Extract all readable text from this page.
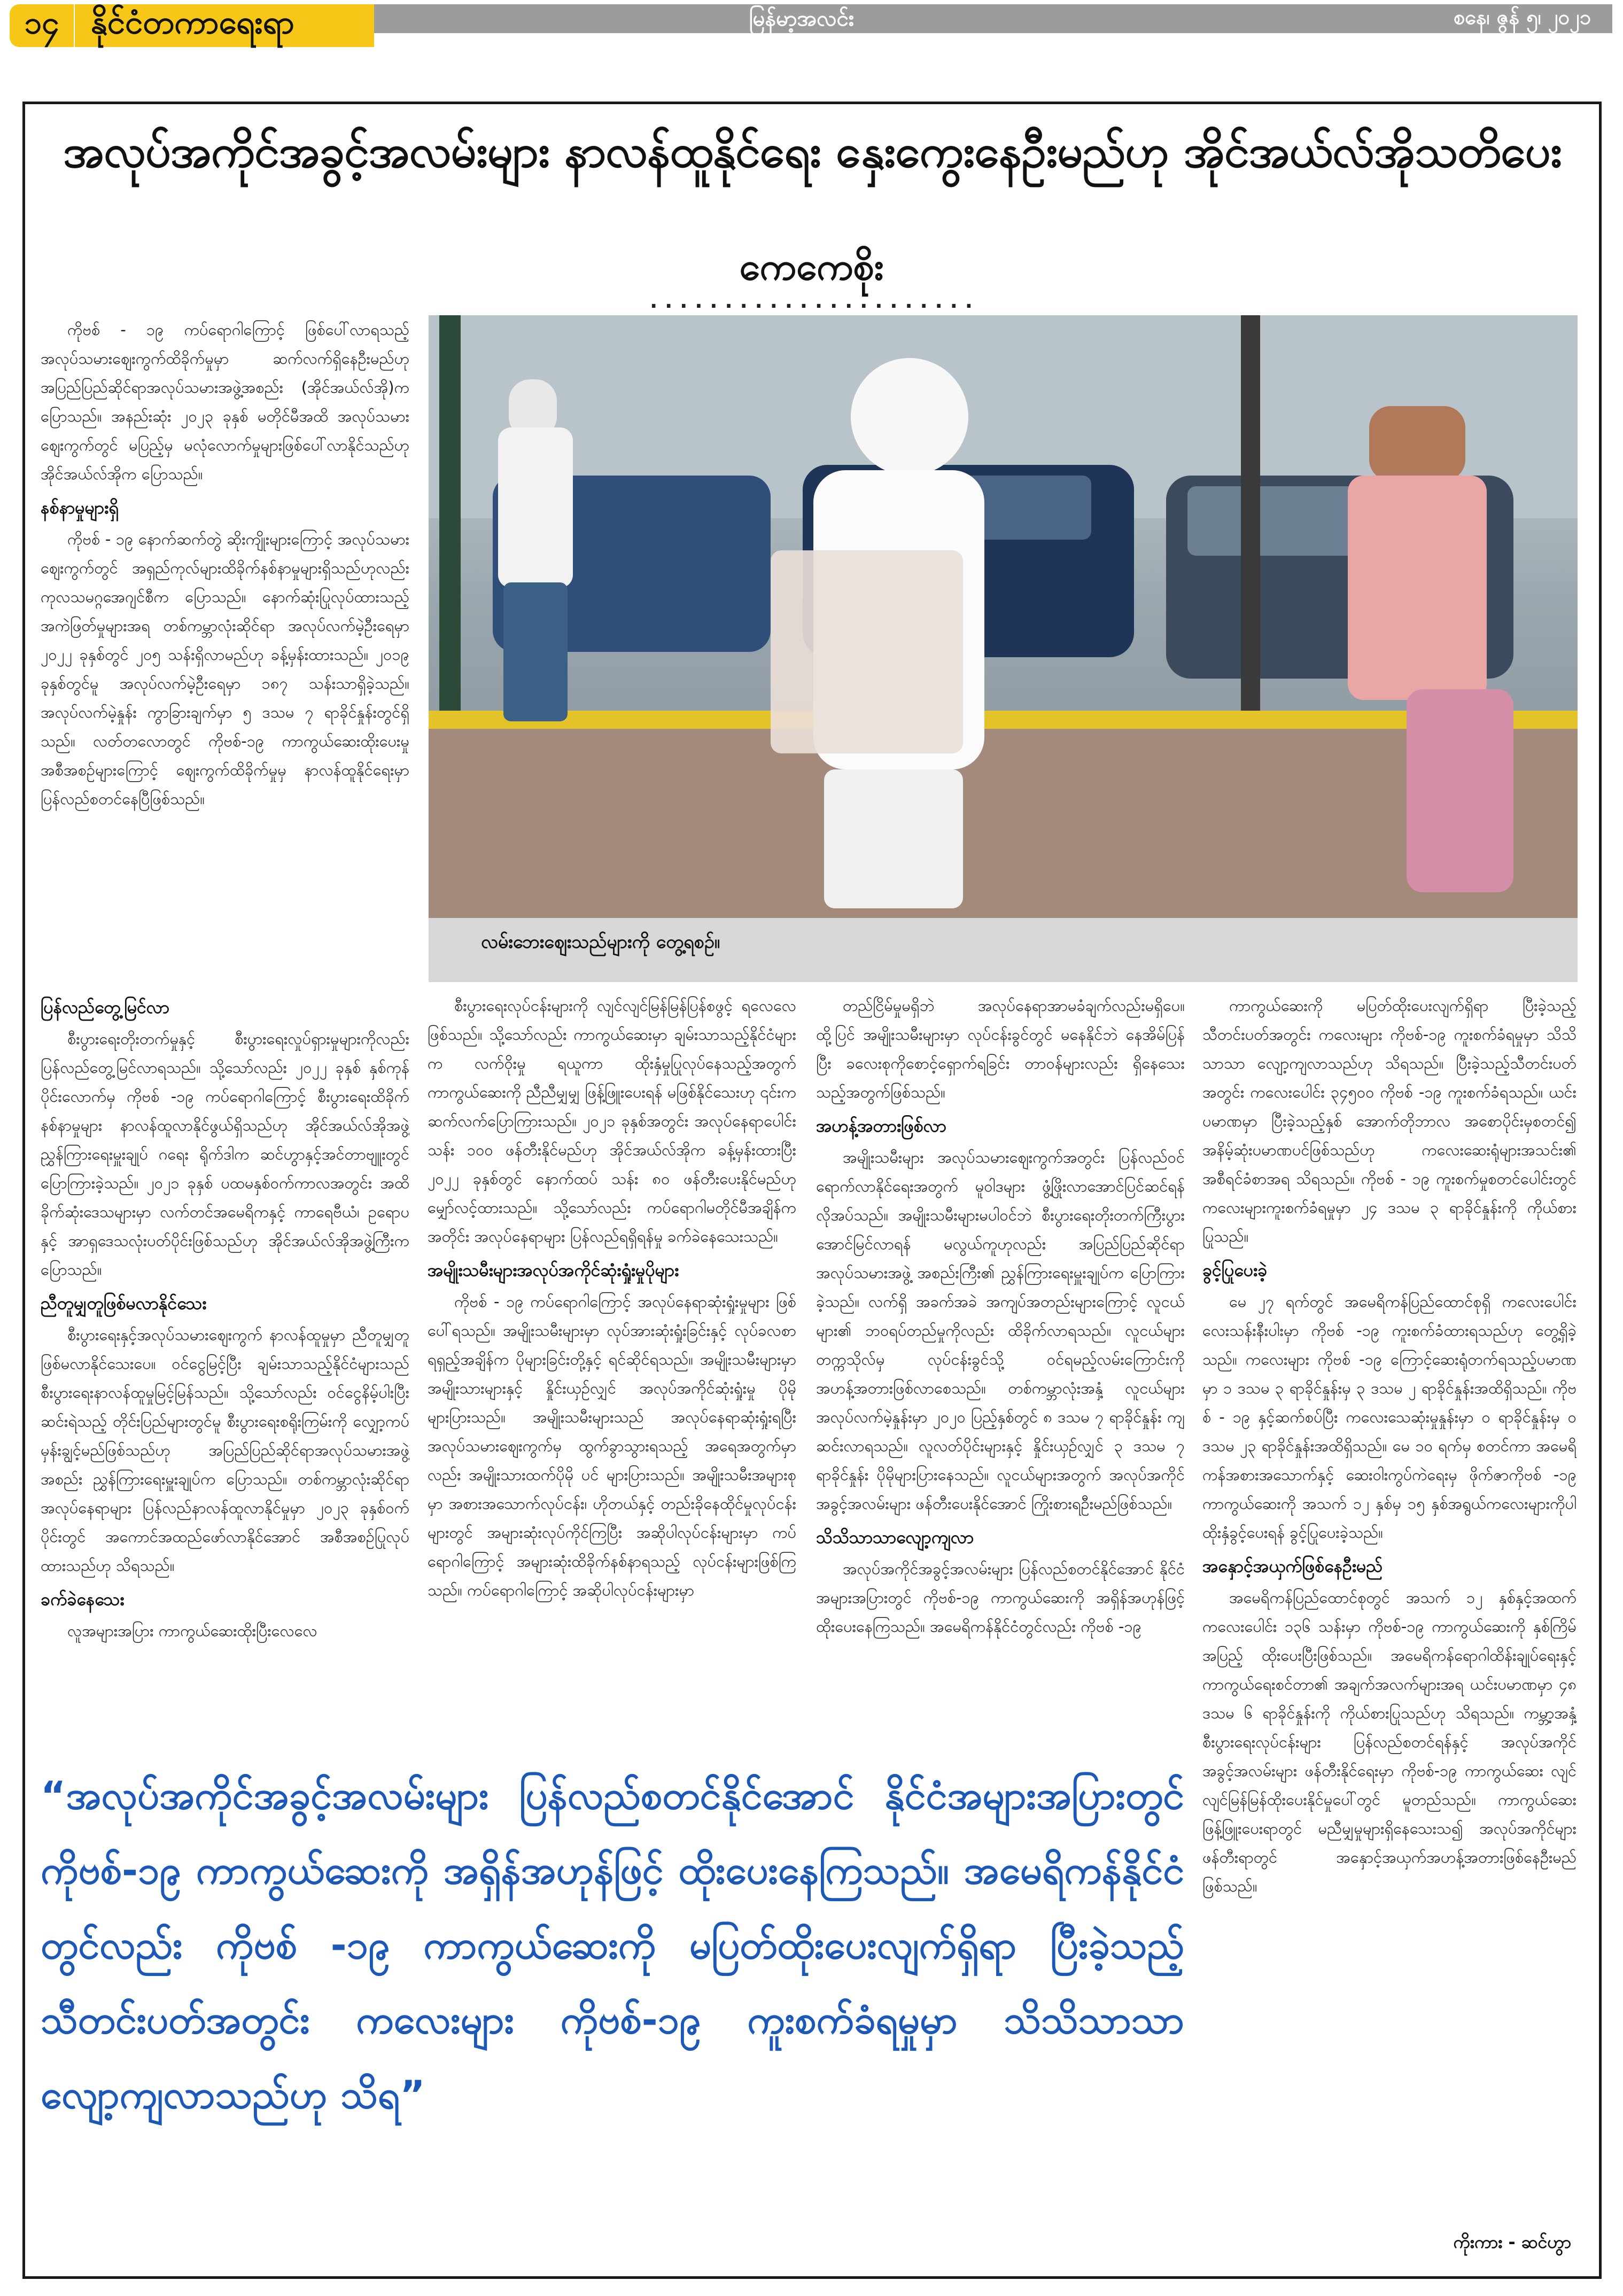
၁၄ နိုင်ငံတကာရေးရာ	မြန်မာ့အလင်း	စနေ၊ ဇွန် ၅၊ ၂၀၂၁
အလုပ်အကိုင်အခွင့်အလမ်းများ နာလန်ထူနိုင်ရေး နှေးကွေးနေဦးမည်ဟု အိုင်အယ်လ်အိုသတိပေး
ကေကေစိုး
......................

ကိုဗစ် - ၁၉ ကပ်ရောဂါကြောင့် ဖြစ်ပေါ်လာရသည့် အလုပ်သမားဈေးကွက်ထိခိုက်မှုမှာ ဆက်လက်ရှိနေဦးမည်ဟု အပြည်ပြည်ဆိုင်ရာအလုပ်သမားအဖွဲ့အစည်း (အိုင်အယ်လ်အို)က ပြောသည်။ အနည်းဆုံး ၂၀၂၃ ခုနှစ် မတိုင်မီအထိ အလုပ်သမား ဈေးကွက်တွင် မပြည့်မှ မလုံလောက်မှုများဖြစ်ပေါ်လာနိုင်သည်ဟု အိုင်အယ်လ်အိုက ပြောသည်။

နစ်နာမှုများရှိ

ကိုဗစ် - ၁၉ နောက်ဆက်တွဲ ဆိုးကျိုးများကြောင့် အလုပ်သမားဈေးကွက်တွင် အရှည်ကုလ်များထိခိုက်နစ်နာမှုများရှိသည်ဟုလည်း ကုလသမဂ္ဂအေဂျင်စီက ပြောသည်။ နောက်ဆုံးပြုလုပ်ထားသည့် အကဲဖြတ်မှုများအရ တစ်ကမ္ဘာလုံးဆိုင်ရာ အလုပ်လက်မဲ့ဦးရေမှာ ၂၀၂၂ ခုနှစ်တွင် ၂၀၅ သန်းရှိလာမည်ဟု ခန့်မှန်းထားသည်။ ၂၀၁၉ ခုနှစ်တွင်မူ အလုပ်လက်မဲ့ဦးရေမှာ ၁၈၇ သန်းသာရှိခဲ့သည်။ အလုပ်လက်မဲ့နှုန်း ကွာခြားချက်မှာ ၅ ဒသမ ၇ ရာခိုင်နှုန်းတွင်ရှိသည်။ လတ်တလောတွင် ကိုဗစ်-၁၉ ကာကွယ်ဆေးထိုးပေးမှု အစီအစဉ်များကြောင့် ဈေးကွက်ထိခိုက်မှုမှ နာလန်ထူနိုင်ရေးမှာ ပြန်လည်စတင်နေပြီဖြစ်သည်။

ပြန်လည်တွေ့မြင်လာ

စီးပွားရေးတိုးတက်မှုနှင့် စီးပွားရေးလှုပ်ရှားမှုများကိုလည်း ပြန်လည်တွေ့မြင်လာရသည်။ သို့သော်လည်း ၂၀၂၂ ခုနှစ် နှစ်ကုန်ပိုင်းလောက်မှ ကိုဗစ် -၁၉ ကပ်ရောဂါကြောင့် စီးပွားရေးထိခိုက်နစ်နာမှုများ နာလန်ထူလာနိုင်ဖွယ်ရှိသည်ဟု အိုင်အယ်လ်အိုအဖွဲ့ ညွှန်ကြားရေးမှူးချုပ် ဂရေး ရိုက်ဒါက ဆင်ဟွာနှင့်အင်တာဗျူးတွင် ပြောကြားခဲ့သည်။ ၂၀၂၁ ခုနှစ် ပထမနှစ်ဝက်ကာလအတွင်း အထိခိုက်ဆုံးဒေသများမှာ လက်တင်အမေရိကနှင့် ကာရေဗီယံ၊ ဥရောပနှင့် အာရှဒေသလုံးပတ်ပိုင်းဖြစ်သည်ဟု အိုင်အယ်လ်အိုအဖွဲ့ကြီးက ပြောသည်။

ညီတူမျှတူဖြစ်မလာနိုင်သေး

စီးပွားရေးနှင့်အလုပ်သမားဈေးကွက် နာလန်ထူမှုမှာ ညီတူမျှတူ ဖြစ်မလာနိုင်သေးပေ။ ဝင်ငွေမြင့်ပြီး ချမ်းသာသည့်နိုင်ငံများသည် စီးပွားရေးနာလန်ထူမှုမြင့်မြန်သည်။ သို့သော်လည်း ဝင်ငွေနိမ့်ပါးပြီး ဆင်းရဲသည့် တိုင်းပြည်များတွင်မူ စီးပွားရေးစရိုးကြမ်းကို လျှော့ကပ်မှန်းချွင့်မည်ဖြစ်သည်ဟု အပြည်ပြည်ဆိုင်ရာအလုပ်သမားအဖွဲ့အစည်း ညွှန်ကြားရေးမှူးချုပ်က ပြောသည်။ တစ်ကမ္ဘာလုံးဆိုင်ရာ အလုပ်နေရာများ ပြန်လည်နာလန်ထူလာနိုင်မှုမှာ ၂၀၂၃ ခုနှစ်ဝက်ပိုင်းတွင် အကောင်အထည်ဖော်လာနိုင်အောင် အစီအစဉ်ပြုလုပ်ထားသည်ဟု သိရသည်။

ခက်ခဲနေသေး

လူအများအပြား ကာကွယ်ဆေးထိုးပြီးလေလေ

စီးပွားရေးလုပ်ငန်းများကို လျင်လျင်မြန်မြန်ပြန်စဖွင့် ရလေလေဖြစ်သည်။ သို့သော်လည်း ကာကွယ်ဆေးမှာ ချမ်းသာသည့်နိုင်ငံများက လက်ဝိုးမှု ရယူကာ ထိုးနှံမှုပြုလုပ်နေသည့်အတွက် ကာကွယ်ဆေးကို ညီညီမျှမျှ ဖြန့်ဖြူးပေးရန် မဖြစ်နိုင်သေးဟု ၎င်းကဆက်လက်ပြောကြားသည်။ ၂၀၂၁ ခုနှစ်အတွင်း အလုပ်နေရာပေါင်း သန်း ၁၀၀ ဖန်တီးနိုင်မည်ဟု အိုင်အယ်လ်အိုက ခန့်မှန်းထားပြီး ၂၀၂၂ ခုနှစ်တွင် နောက်ထပ် သန်း ၈၀ ဖန်တီးပေးနိုင်မည်ဟု မျှော်လင့်ထားသည်။ သို့သော်လည်း ကပ်ရောဂါမတိုင်မီအချိန်က အတိုင်း အလုပ်နေရာများ ပြန်လည်ရရှိရန်မှု ခက်ခဲနေသေးသည်။

အမျိုးသမီးများအလုပ်အကိုင်ဆုံးရှုံးမှုပိုများ

ကိုဗစ် - ၁၉ ကပ်ရောဂါကြောင့် အလုပ်နေရာဆုံးရှုံးမှုများ ဖြစ်ပေါ်ရသည်။ အမျိုးသမီးများမှာ လုပ်အားဆုံးရှုံးခြင်းနှင့် လုပ်ခလစာရရှည့်အချိန်က ပိုများခြင်းတို့နှင့် ရင်ဆိုင်ရသည်။ အမျိုးသမီးများမှာ အမျိုးသားများနှင့် နှိုင်းယှဉ်လျှင် အလုပ်အကိုင်ဆုံးရှုံးမှု ပိုမိုများပြားသည်။ အမျိုးသမီးများသည် အလုပ်နေရာဆုံးရှုံးရပြီး အလုပ်သမားဈေးကွက်မှ ထွက်ခွာသွားရသည့် အရေအတွက်မှာလည်း အမျိုးသားထက်ပိုမို ပင် များပြားသည်။ အမျိုးသမီးအများစုမှာ အစားအသောက်လုပ်ငန်း၊ ဟိုတယ်နှင့် တည်းခိုနေထိုင်မှုလုပ်ငန်းများတွင် အများဆုံးလုပ်ကိုင်ကြပြီး အဆိုပါလုပ်ငန်းများမှာ ကပ်ရောဂါကြောင့် အများဆုံးထိခိုက်နစ်နာရသည့် လုပ်ငန်းများဖြစ်ကြသည်။ ကပ်ရောဂါကြောင့် အဆိုပါလုပ်ငန်းများမှာ

တည်ငြိမ်မှုမရှိဘဲ အလုပ်နေရာအာမခံချက်လည်းမရှိပေ။ ထို့ပြင် အမျိုးသမီးများမှာ လုပ်ငန်းခွင်တွင် မနေနိုင်ဘဲ နေအိမ်ပြန်ပြီး ခလေးစုကိုစောင့်ရှောက်ရခြင်း တာဝန်များလည်း ရှိနေသေးသည့်အတွက်ဖြစ်သည်။

အဟန့်အတားဖြစ်လာ

အမျိုးသမီးများ အလုပ်သမားဈေးကွက်အတွင်း ပြန်လည်ဝင်ရောက်လာနိုင်ရေးအတွက် မူဝါဒများ ဖွံ့ဖြိုးလာအောင်ပြင်ဆင်ရန် လိုအပ်သည်။ အမျိုးသမီးများမပါဝင်ဘဲ စီးပွားရေးတိုးတက်ကြီးပွား အောင်မြင်လာရန် မလွယ်ကူဟုလည်း အပြည်ပြည်ဆိုင်ရာအလုပ်သမားအဖွဲ့ အစည်းကြီး၏ ညွှန်ကြားရေးမှူးချုပ်က ပြောကြားခဲ့သည်။ လက်ရှိ အခက်အခဲ အကျပ်အတည်းများကြောင့် လူငယ်များ၏ ဘဝရပ်တည်မှုကိုလည်း ထိခိုက်လာရသည်။ လူငယ်များ တက္ကသိုလ်မှ လုပ်ငန်းခွင်သို့ ဝင်ရမည့်လမ်းကြောင်းကို အဟန့်အတားဖြစ်လာစေသည်။ တစ်ကမ္ဘာလုံးအနှံ့ လူငယ်များ အလုပ်လက်မဲ့နှုန်းမှာ ၂၀၂၀ ပြည့်နှစ်တွင် ၈ ဒသမ ၇ ရာခိုင်နှုန်း ကျဆင်းလာရသည်။ လူလတ်ပိုင်းများနှင့် နှိုင်းယှဉ်လျှင် ၃ ဒသမ ၇ ရာခိုင်နှုန်း ပိုမိုများပြားနေသည်။ လူငယ်များအတွက် အလုပ်အကိုင်အခွင့်အလမ်းများ ဖန်တီးပေးနိုင်အောင် ကြိုးစားရဦးမည်ဖြစ်သည်။

သိသိသာသာလျော့ကျလာ

အလုပ်အကိုင်အခွင့်အလမ်းများ ပြန်လည်စတင်နိုင်အောင် နိုင်ငံအများအပြားတွင် ကိုဗစ်-၁၉ ကာကွယ်ဆေးကို အရှိန်အဟုန်ဖြင့် ထိုးပေးနေကြသည်။ အမေရိကန်နိုင်ငံတွင်လည်း ကိုဗစ် -၁၉

ကာကွယ်ဆေးကို မပြတ်ထိုးပေးလျက်ရှိရာ ပြီးခဲ့သည့်သီတင်းပတ်အတွင်း ကလေးများ ကိုဗစ်-၁၉ ကူးစက်ခံရမှုမှာ သိသိသာသာ လျော့ကျလာသည်ဟု သိရသည်။ ပြီးခဲ့သည့်သီတင်းပတ်အတွင်း ကလေးပေါင်း ၃၄၅၀၀ ကိုဗစ် -၁၉ ကူးစက်ခံရသည်။ ယင်းပမာဏမှာ ပြီးခဲ့သည့်နှစ် အောက်တိုဘာလ အစောပိုင်းမှစတင်၍ အနိမ့်ဆုံးပမာဏပင်ဖြစ်သည်ဟု ကလေးဆေးရုံများအသင်း၏ အစီရင်ခံစာအရ သိရသည်။ ကိုဗစ် - ၁၉ ကူးစက်မှုစတင်ပေါင်းတွင် ကလေးများကူးစက်ခံရမှုမှာ ၂၄ ဒသမ ၃ ရာခိုင်နှုန်းကို ကိုယ်စားပြုသည်။

ခွင့်ပြုပေးခဲ့

မေ ၂၇ ရက်တွင် အမေရိကန်ပြည်ထောင်စုရှိ ကလေးပေါင်း လေးသန်းနီးပါးမှာ ကိုဗစ် -၁၉ ကူးစက်ခံထားရသည်ဟု တွေ့ရှိခဲ့သည်။ ကလေးများ ကိုဗစ် -၁၉ ကြောင့်ဆေးရုံတက်ရသည့်ပမာဏမှာ ၁ ဒသမ ၃ ရာခိုင်နှုန်းမှ ၃ ဒသမ ၂ ရာခိုင်နှုန်းအထိရှိသည်။ ကိုဗစ် - ၁၉ နှင့်ဆက်စပ်ပြီး ကလေးသေဆုံးမှုနှုန်းမှာ ၀ ရာခိုင်နှုန်းမှ ၀ ဒသမ ၂၃ ရာခိုင်နှုန်းအထိရှိသည်။ မေ ၁၀ ရက်မှ စတင်ကာ အမေရိကန်အစားအသောက်နှင့် ဆေးဝါးကွပ်ကဲရေးမှ ဖိုက်ဇာကိုဗစ် -၁၉ ကာကွယ်ဆေးကို အသက် ၁၂ နှစ်မှ ၁၅ နှစ်အရွယ်ကလေးများကိုပါ ထိုးနှံခွင့်ပေးရန် ခွင့်ပြုပေးခဲ့သည်။

အနှောင့်အယှက်ဖြစ်နေဦးမည်

အမေရိကန်ပြည်ထောင်စုတွင် အသက် ၁၂ နှစ်နှင့်အထက် ကလေးပေါင်း ၁၃၆ သန်းမှာ ကိုဗစ်-၁၉ ကာကွယ်ဆေးကို နှစ်ကြိမ်အပြည့် ထိုးပေးပြီးဖြစ်သည်။ အမေရိကန်ရောဂါထိန်းချုပ်ရေးနှင့် ကာကွယ်ရေးစင်တာ၏ အချက်အလက်များအရ ယင်းပမာဏမှာ ၄၈ ဒသမ ၆ ရာခိုင်နှုန်းကို ကိုယ်စားပြုသည်ဟု သိရသည်။ ကမ္ဘာ့အနှံ့ စီးပွားရေးလုပ်ငန်းများ ပြန်လည်စတင်ရန်နှင့် အလုပ်အကိုင်အခွင့်အလမ်းများ ဖန်တီးနိုင်ရေးမှာ ကိုဗစ်-၁၉ ကာကွယ်ဆေး လျင်လျင်မြန်မြန်ထိုးပေးနိုင်မှုပေါ်တွင် မူတည်သည်။ ကာကွယ်ဆေး ဖြန့်ဖြူးပေးရာတွင် မညီမျှမှုများရှိနေသေးသ၍ အလုပ်အကိုင်များ ဖန်တီးရာတွင် အနှောင့်အယှက်အဟန့်အတားဖြစ်နေဦးမည်ဖြစ်သည်။

ကိုးကား - ဆင်ဟွာ
လမ်းဘေးဈေးသည်များကို တွေ့ရစဉ်။
“အလုပ်အကိုင်အခွင့်အလမ်းများ ပြန်လည်စတင်နိုင်အောင် နိုင်ငံအများအပြားတွင် ကိုဗစ်-၁၉ ကာကွယ်ဆေးကို အရှိန်အဟုန်ဖြင့် ထိုးပေးနေကြသည်။ အမေရိကန်နိုင်ငံတွင်လည်း ကိုဗစ် -၁၉ ကာကွယ်ဆေးကို မပြတ်ထိုးပေးလျက်ရှိရာ ပြီးခဲ့သည့်သီတင်းပတ်အတွင်း ကလေးများ ကိုဗစ်-၁၉ ကူးစက်ခံရမှုမှာ သိသိသာသာ လျော့ကျလာသည်ဟု သိရ”
